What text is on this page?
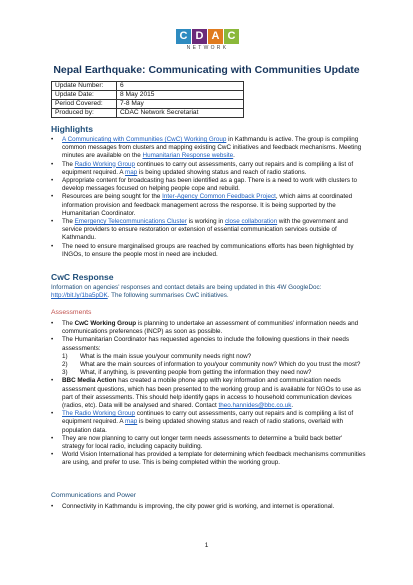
C D A C
NETWORK
Nepal Earthquake: Communicating with Communities Update
Update Number:	6
Update Date:	8 May 2015
Period Covered:	7-8 May
Produced by:	CDAC Network Secretariat
Highlights
• A Communicating with Communities (CwC) Working Group in Kathmandu is active. The group is compiling common messages from clusters and mapping existing CwC initiatives and feedback mechanisms. Meeting minutes are available on the Humanitarian Response website.
• The Radio Working Group continues to carry out assessments, carry out repairs and is compiling a list of equipment required. A map is being updated showing status and reach of radio stations.
• Appropriate content for broadcasting has been identified as a gap. There is a need to work with clusters to develop messages focused on helping people cope and rebuild.
• Resources are being sought for the Inter-Agency Common Feedback Project, which aims at coordinated information provision and feedback management across the response. It is being supported by the Humanitarian Coordinator.
• The Emergency Telecommunications Cluster is working in close collaboration with the government and service providers to ensure restoration or extension of essential communication services outside of Kathmandu.
• The need to ensure marginalised groups are reached by communications efforts has been highlighted by INGOs, to ensure the people most in need are included.
CwC Response
Information on agencies' responses and contact details are being updated in this 4W GoogleDoc: http://bit.ly/1ba5pDK. The following summarises CwC initiatives.
Assessments
• The CwC Working Group is planning to undertake an assessment of communities' information needs and communications preferences (INCP) as soon as possible.
• The Humanitarian Coordinator has requested agencies to include the following questions in their needs assessments:
1) What is the main issue you/your community needs right now?
2) What are the main sources of information to you/your community now? Which do you trust the most?
3) What, if anything, is preventing people from getting the information they need now?
• BBC Media Action has created a mobile phone app with key information and communication needs assessment questions, which has been presented to the working group and is available for NGOs to use as part of their assessments. This should help identify gaps in access to household communication devices (radios, etc). Data will be analysed and shared. Contact theo.hannides@bbc.co.uk.
• The Radio Working Group continues to carry out assessments, carry out repairs and is compiling a list of equipment required. A map is being updated showing status and reach of radio stations, overlaid with population data.
• They are now planning to carry out longer term needs assessments to determine a 'build back better' strategy for local radio, including capacity building.
• World Vision International has provided a template for determining which feedback mechanisms communities are using, and prefer to use. This is being completed within the working group.
Communications and Power
• Connectivity in Kathmandu is improving, the city power grid is working, and internet is operational.
1
